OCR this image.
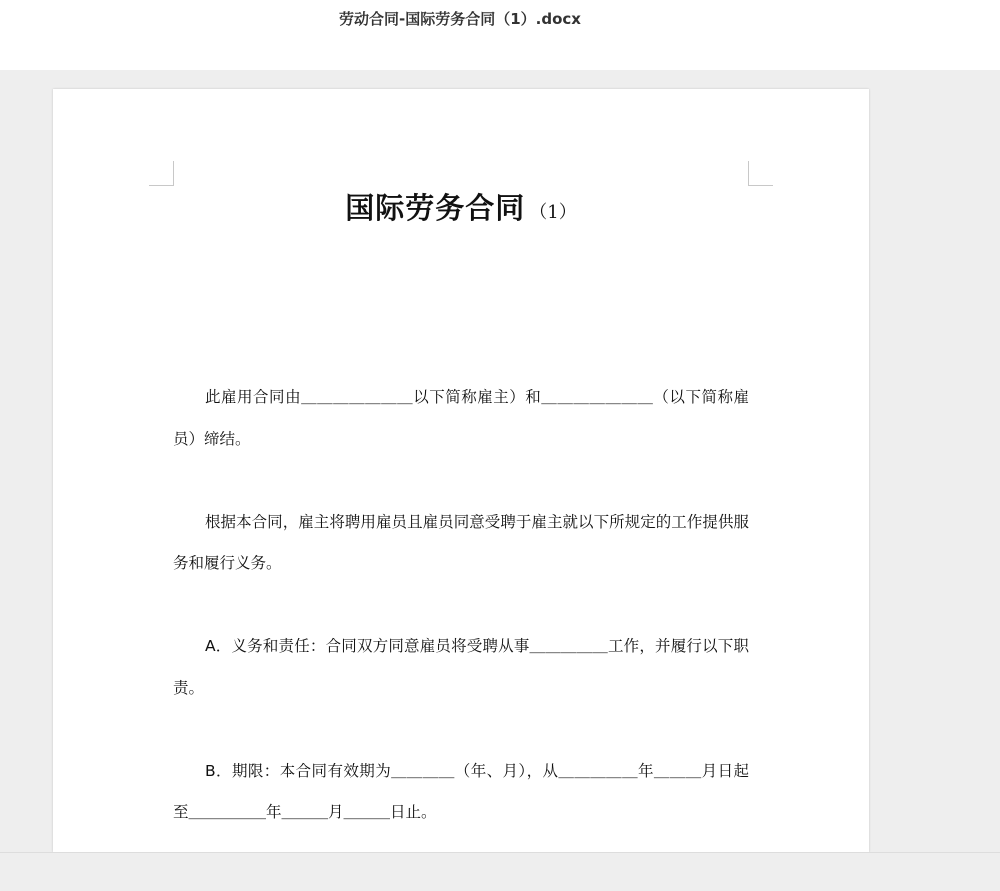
劳动合同-国际劳务合同（1）.docx
国际劳务合同 （1）

此雇用合同由＿＿＿＿＿＿＿以下简称雇主）和＿＿＿＿＿＿＿（以下简称雇员）缔结。

根据本合同，雇主将聘用雇员且雇员同意受聘于雇主就以下所规定的工作提供服务和履行义务。

A．义务和责任：合同双方同意雇员将受聘从事＿＿＿＿＿工作，并履行以下职责。

B．期限：本合同有效期为＿＿＿＿（年、月），从＿＿＿＿＿年＿＿＿月日起至＿＿＿＿＿年＿＿＿月＿＿＿日止。
